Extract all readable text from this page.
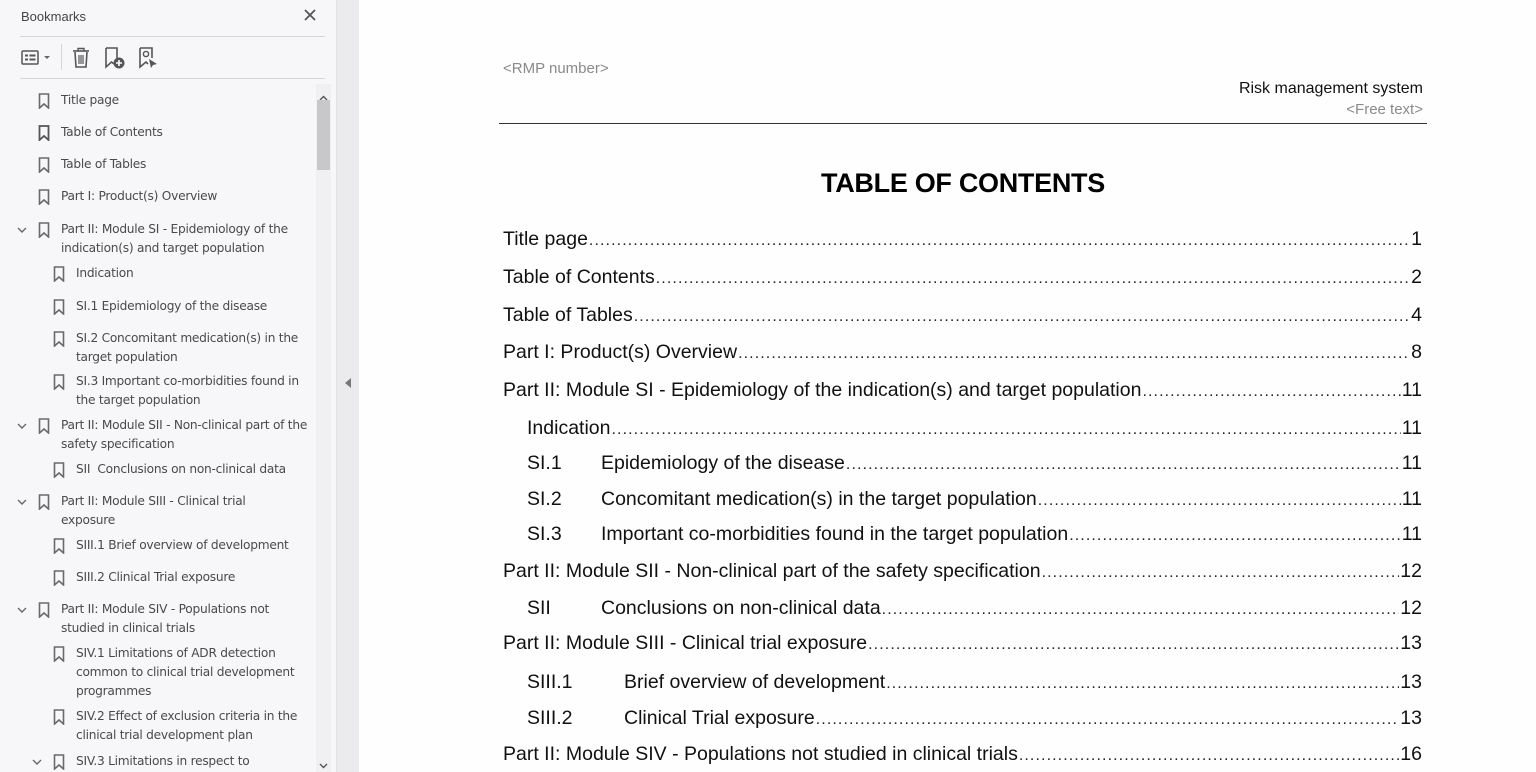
Bookmarks
Title page
Table of Contents
Table of Tables
Part I: Product(s) Overview
Part II: Module SI - Epidemiology of the indication(s) and target population
Indication
SI.1 Epidemiology of the disease
SI.2 Concomitant medication(s) in the target population
SI.3 Important co-morbidities found in the target population
Part II: Module SII - Non-clinical part of the safety specification
SII  Conclusions on non-clinical data
Part II: Module SIII - Clinical trial exposure
SIII.1 Brief overview of development
SIII.2 Clinical Trial exposure
Part II: Module SIV - Populations not studied in clinical trials
SIV.1 Limitations of ADR detection common to clinical trial development programmes
SIV.2 Effect of exclusion criteria in the clinical trial development plan
SIV.3 Limitations in respect to
<RMP number>
Risk management system
<Free text>
TABLE OF CONTENTS
Title page .....	1
Table of Contents .....	2
Table of Tables .....	4
Part I: Product(s) Overview .....	8
Part II: Module SI - Epidemiology of the indication(s) and target population .....	11
Indication .....	11
SI.1	Epidemiology of the disease .....	11
SI.2	Concomitant medication(s) in the target population .....	11
SI.3	Important co-morbidities found in the target population .....	11
Part II: Module SII - Non-clinical part of the safety specification .....	12
SII	Conclusions on non-clinical data .....	12
Part II: Module SIII - Clinical trial exposure .....	13
SIII.1	Brief overview of development .....	13
SIII.2	Clinical Trial exposure .....	13
Part II: Module SIV - Populations not studied in clinical trials .....	16
